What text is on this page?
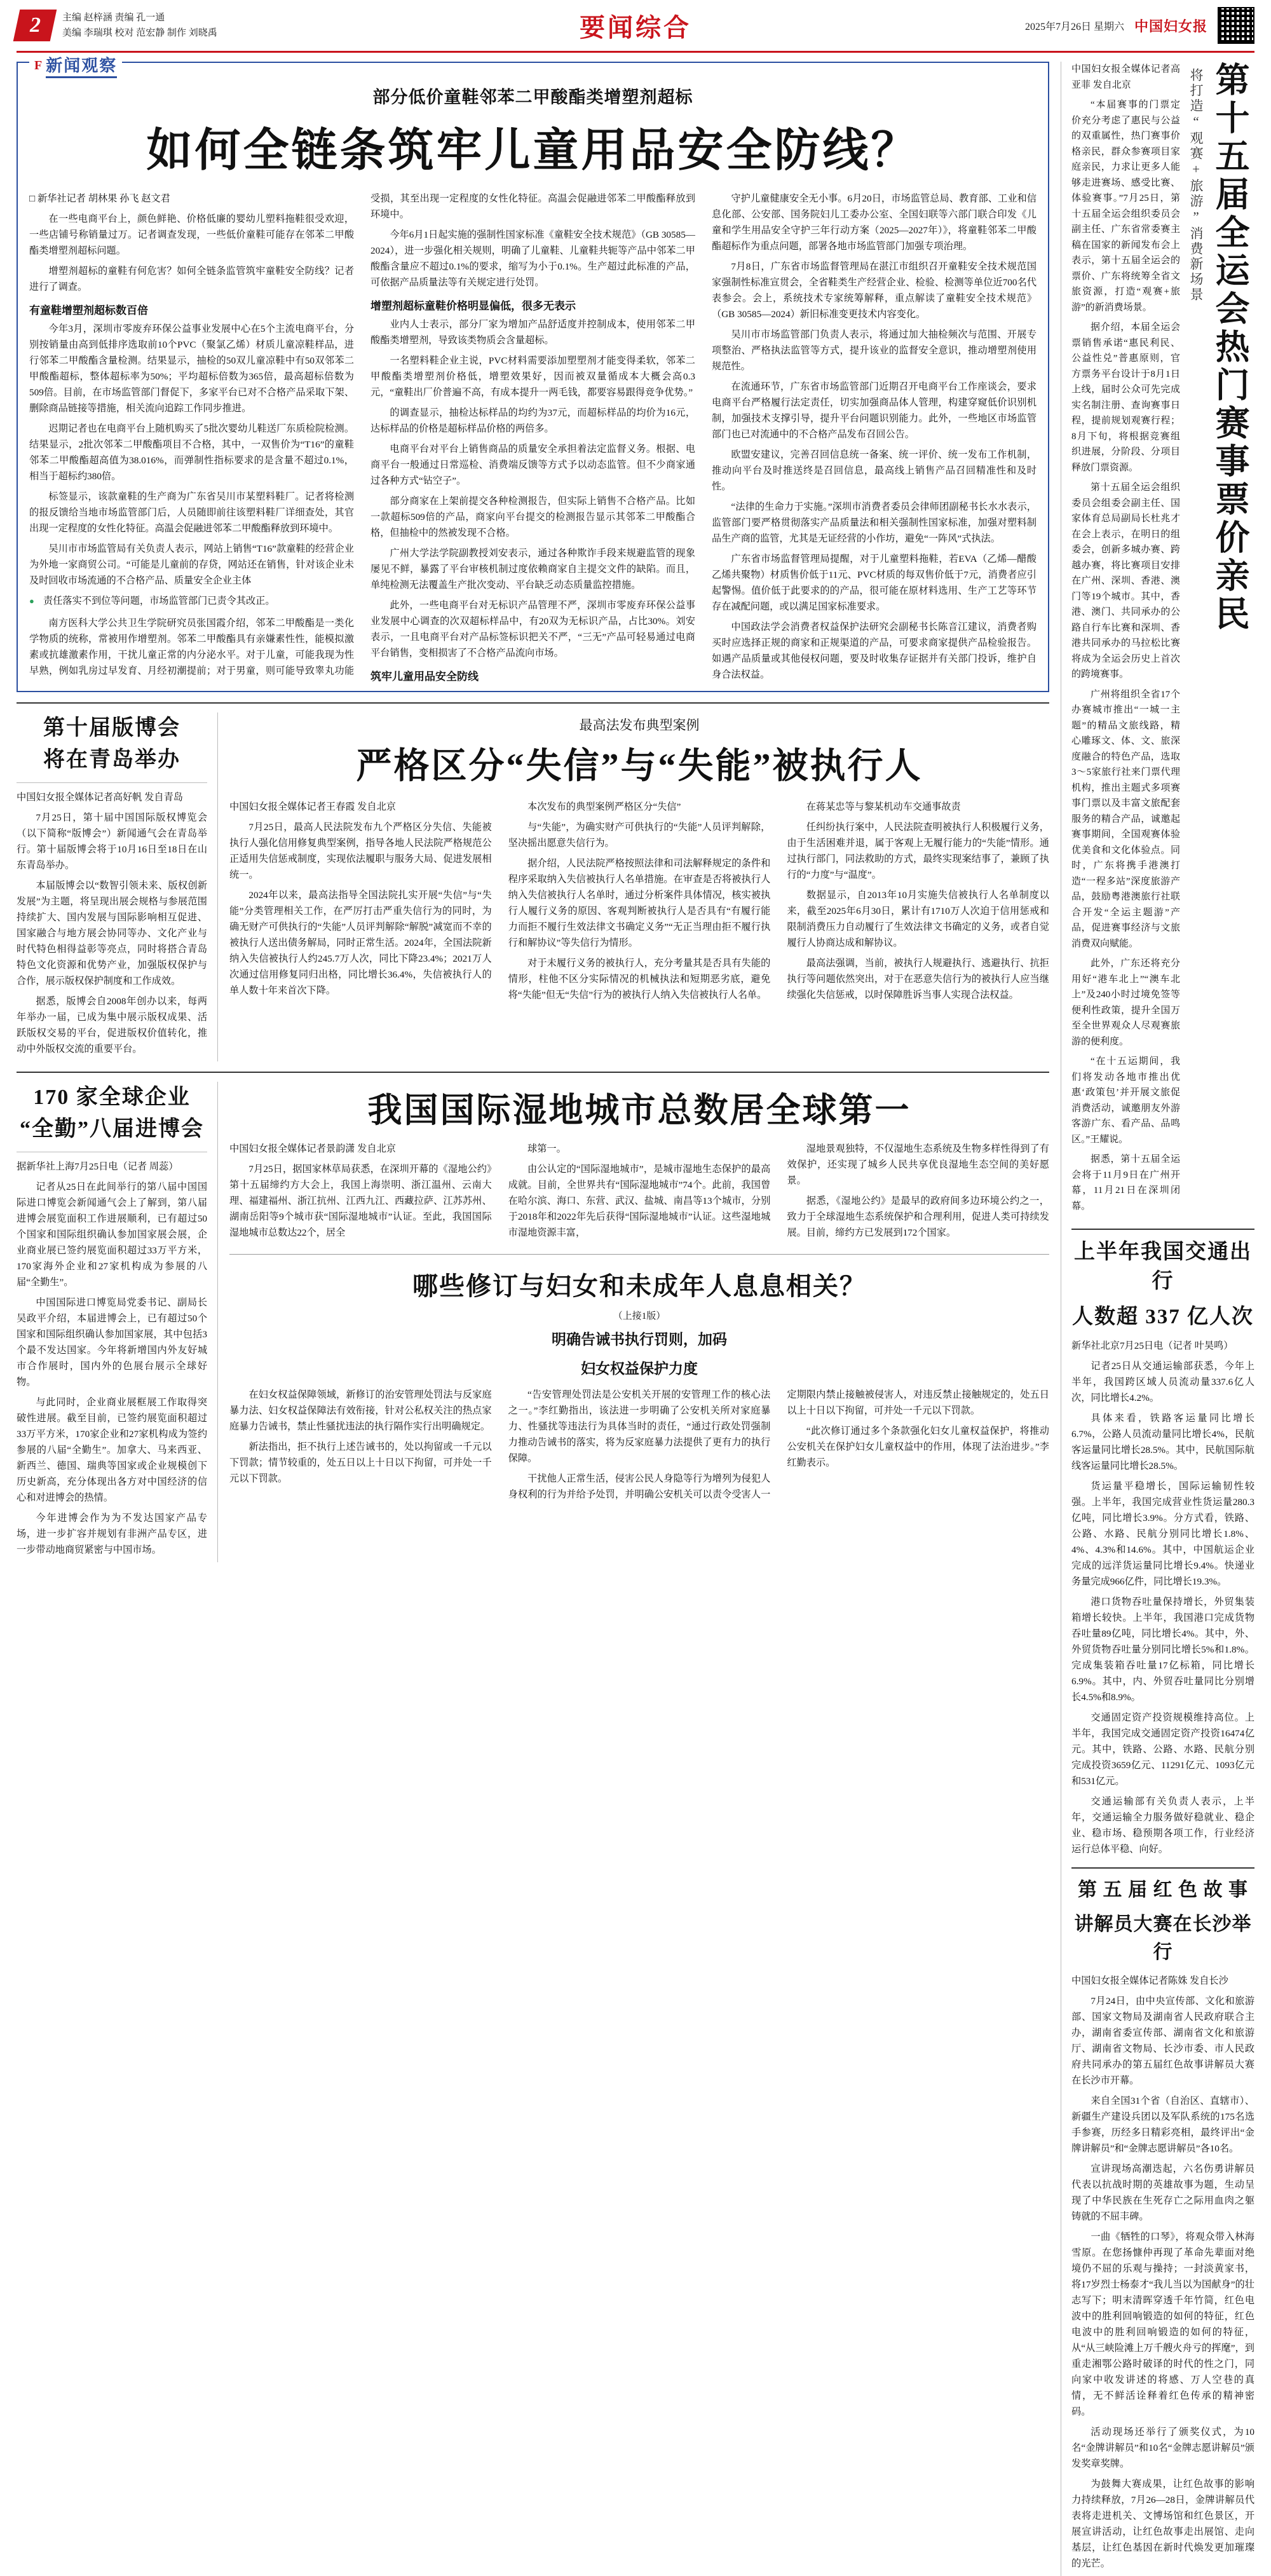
2 主编 赵梓涵 责编 孔一通
美编 李瑞琪 校对 范宏静 制作 刘晓禹	要闻综合	2025年7月26日 星期六 中国妇女报
F 新闻观察
部分低价童鞋邻苯二甲酸酯类增塑剂超标
如何全链条筑牢儿童用品安全防线？

□ 新华社记者 胡林果 孙飞 赵文君

在一些电商平台上，颜色鲜艳、价格低廉的婴幼儿塑料拖鞋很受欢迎，一些店铺号称销量过万。记者调查发现，一些低价童鞋可能存在邻苯二甲酸酯类增塑剂超标问题。

增塑剂超标的童鞋有何危害？如何全链条监管筑牢童鞋安全防线？记者进行了调查。

有童鞋增塑剂超标数百倍

今年3月，深圳市零废弃环保公益事业发展中心在5个主流电商平台，分别按销量由高到低排序选取前10个PVC（聚氯乙烯）材质儿童凉鞋样品，进行邻苯二甲酸酯含量检测。结果显示，抽检的50双儿童凉鞋中有50双邻苯二甲酸酯超标，整体超标率为50%；平均超标倍数为365倍，最高超标倍数为509倍。目前，在市场监管部门督促下，多家平台已对不合格产品采取下架、删除商品链接等措施，相关流向追踪工作同步推进。

迟期记者也在电商平台上随机购买了5批次婴幼儿鞋送厂东质检院检测。结果显示，2批次邻苯二甲酸酯项目不合格，其中，一双售价为“T16”的童鞋邻苯二甲酸酯超高值为38.016%，而弹制性指标要求的是含量不超过0.1%，相当于超标约380倍。

标签显示，该款童鞋的生产商为广东省吴川市某塑料鞋厂。记者将检测的报反馈给当地市场监管部门后，人员随即前往该塑料鞋厂详细查处，其官出现一定程度的女性化特征。高温会促融进邻苯二甲酸酯释放到环境中。

吴川市市场监管局有关负责人表示，网站上销售“T16”款童鞋的经营企业为外地一家商贸公司。“可能是儿童前的存贷，网站还在销售，针对该企业未及时回收市场流通的不合格产品、质量安全企业主体

● 责任落实不到位等问题，市场监管部门已责令其改正。

南方医科大学公共卫生学院研究员张国霞介绍，邻苯二甲酸酯是一类化学物质的统称，常被用作增塑剂。邻苯二甲酸酯具有亲嫌素性性，能模拟激素或抗雄激素作用，干扰儿童正常的内分泌水平。对于儿童，可能我现为性早熟，例如乳房过早发育、月经初潮提前；对于男童，则可能导致睾丸功能受损，其至出现一定程度的女性化特征。高温会促融进邻苯二甲酸酯释放到环境中。

今年6月1日起实施的强制性国家标准《童鞋安全技术规范》（GB 30585—2024），进一步强化相关规则，明确了儿童鞋、儿童鞋共轭等产品中邻苯二甲酸酯含量应不超过0.1%的要求，缩写为小于0.1%。生产超过此标准的产品，可依据产品质量法等有关规定进行处罚。

增塑剂超标童鞋价格明显偏低，很多无表示

业内人士表示，部分厂家为增加产品舒适度并控制成本，使用邻苯二甲酸酯类增塑剂，导致该类物质会含量超标。

一名塑料鞋企业主说，PVC材料需要添加塑塑剂才能变得柔软，邻苯二甲酸酯类增塑剂价格低，增塑效果好，因而被双量循成本大概会高0.3元，“童鞋出厂价普遍不高，有成本提升一两毛钱，都要容易跟得竞争优势。”

的调查显示，抽检达标样品的均约为37元，而超标样品的均价为16元，达标样品的价格是超标样品价格的两倍多。

电商平台对平台上销售商品的质量安全承担着法定监督义务。根据、电商平台一般通过日常巡检、消费端反馈等方式予以动态监管。但不少商家通过各种方式“钻空子”。

部分商家在上架前提交各种检测报告，但实际上销售不合格产品。比如一款超标509倍的产品，商家向平台提交的检测报告显示其邻苯二甲酸酯合格，但抽检中的然被发现不合格。

广州大学法学院副教授刘安表示，通过各种欺诈手段来规避监管的现象屡见不鲜，暴露了平台审核机制过度依赖商家自主提交文件的缺陷。而且，单纯检测无法覆盖生产批次变动、平台缺乏动态质量监控措施。

此外，一些电商平台对无标识产品管理不严，深圳市零废弃环保公益事业发展中心调查的次双超标样品中，有20双为无标识产品，占比30%。刘安表示，一且电商平台对产品标签标识把关不严，“三无”产品可轻易通过电商平台销售，变相损害了不合格产品流向市场。

筑牢儿童用品安全防线

守护儿童健康安全无小事。6月20日，市场监管总局、教育部、工业和信息化部、公安部、国务院妇儿工委办公室、全国妇联等六部门联合印发《儿童和学生用品安全守护三年行动方案（2025—2027年）》，将童鞋邻苯二甲酸酯超标作为重点问题，部署各地市场监管部门加强专项治理。

7月8日，广东省市场监督管理局在湛江市组织召开童鞋安全技术规范国家强制性标准宣贯会，全省鞋类生产经营企业、检验、检测等单位近700名代表参会。会上，系统技术专家统筹解释，重点解读了童鞋安全技术规范》（GB 30585—2024）新旧标准变更技术内容变化。

吴川市市场监管部门负责人表示，将通过加大抽检频次与范围、开展专项整治、严格执法监管等方式，提升该业的监督安全意识，推动增塑剂使用规范性。

在流通环节，广东省市场监管部门近期召开电商平台工作座谈会，要求电商平台严格履行法定责任，切实加强商品体人管理，构建穿窥低价识别机制，加强技术支撑引导，提升平台问题识别能力。此外，一些地区市场监管部门也已对流通中的不合格产品发布召回公告。

欧盟安建议，完善召回信息统一备案、统一评价、统一发布工作机制，推动向平台及时推送终是召回信息，最高线上销售产品召回精准性和及时性。

“法律的生命力于实施。”深圳市消费者委员会律师团副秘书长水水表示，监管部门要严格贯彻落实产品质量法和相关强制性国家标准，加强对塑料制品生产商的监管，尤其是无证经营的小作坊，避免“一阵风”式执法。

广东省市场监督管理局提醒，对于儿童塑料拖鞋，若EVA（乙烯—醋酸乙烯共聚物）材质售价低于11元、PVC材质的每双售价低于7元，消费者应引起警惕。值价低于此要求的的产品，很可能在原材料选用、生产工艺等环节存在减配问题，或以满足国家标准要求。

中国政法学会消费者权益保护法研究会副秘书长陈音江建议，消费者购买时应选择正规的商家和正规渠道的产品，可要求商家提供产品检验报告。如遇产品质量或其他侵权问题，要及时收集存证据并有关部门投诉，维护自身合法权益。

第十届版博会
将在青岛举办

中国妇女报全媒体记者高好帆 发自青岛

7月25日，第十届中国国际版权博览会（以下简称“版博会”）新闻通气会在青岛举行。第十届版博会将于10月16日至18日在山东青岛举办。

本届版博会以“数智引领未来、版权创新发展”为主题，将呈现出展会规格与参展范围持续扩大、国内发展与国际影响相互促进、国家融合与地方展会协同等办、文化产业与时代特色相得益彰等亮点，同时将搭合青岛特色文化资源和优势产业，加强版权保护与合作，展示版权保护制度和工作成效。

据悉，版博会自2008年创办以来，每两年举办一届，已成为集中展示版权成果、活跃版权交易的平台，促进版权价值转化，推动中外版权交流的重要平台。

最高法发布典型案例
严格区分“失信”与“失能”被执行人

中国妇女报全媒体记者王春霞 发自北京

7月25日，最高人民法院发布九个严格区分失信、失能被执行人强化信用修复典型案例，指导各地人民法院严格规范公正适用失信惩戒制度，实现依法履职与服务大局、促进发展相统一。

2024年以来，最高法指导全国法院扎实开展“失信”与“失能”分类管理相关工作，在严厉打击严重失信行为的同时，为确无财产可供执行的“失能”人员评判解除“解脱”减宽而不幸的被执行人送出债务解局，同时正常生活。2024年，全国法院新纳入失信被执行人约245.7万人次，同比下降23.4%；2021万人次通过信用修复同归出格，同比增长36.4%，失信被执行人的单人数十年来首次下降。

本次发布的典型案例严格区分“失信”

与“失能”，为确实财产可供执行的“失能”人员评判解除，坚决摇出愿意失信行为。

据介绍，人民法院严格按照法律和司法解释规定的条件和程序采取纳入失信被执行人名单措施。在审查是否将被执行人纳入失信被执行人名单时，通过分析案件具体情况，核实被执行人履行义务的原因、客观判断被执行人是否具有“有履行能力而拒不履行生效法律文书确定义务”“无正当理由拒不履行执行和解协议”等失信行为情形。

对于未履行义务的被执行人，充分考量其是否具有失能的情形，柱他不区分实际情况的机械执法和短期恶劣底，避免将“失能”但无“失信”行为的被执行人纳入失信被执行人名单。

在蒋某忠等与黎某机动车交通事故责

任纠纷执行案中，人民法院查明被执行人积极履行义务，由于生活困难并退，属于客观上无履行能力的“失能”情形。通过执行部门，同法救助的方式，最终实现案结事了，兼顾了执行的“力度”与“温度”。

数据显示，自2013年10月实施失信被执行人名单制度以来，截至2025年6月30日，累计有1710万人次迫于信用惩戒和限制消费压力自动履行了生效法律文书确定的义务，或者自觉履行人协商达成和解协议。

最高法强调，当前，被执行人规避执行、逃避执行、抗拒执行等问题依然突出，对于在恶意失信行为的被执行人应当继续强化失信惩戒，以时保障胜诉当事人实现合法权益。

170 家全球企业
“全勤”八届进博会

据新华社上海7月25日电（记者 周蕊）

记者从25日在此间举行的第八届中国国际进口博览会新闻通气会上了解到，第八届进博会展览面积工作进展顺利，已有超过50个国家和国际组织确认参加国家展会展，企业商业展已签约展览面积超过33万平方米，170家海外企业和27家机构成为参展的八届“全勤生”。

中国国际进口博览局党委书记、副局长吴政平介绍，本届进博会上，已有超过50个国家和国际组织确认参加国家展，其中包括3个最不发达国家。今年将新增国内外友好城市合作展时，国内外的色展台展示全球好物。

与此同时，企业商业展框展工作取得突破性进展。截至目前，已签约展览面积超过33万平方米，170家企业和27家机构成为签约参展的八届“全勤生”。加拿大、马来西亚、新西兰、德国、瑞典等国家或企业规模创下历史新高，充分体现出各方对中国经济的信心和对进博会的热情。

今年进博会作为为不发达国家产品专场，进一步扩容并规划有非洲产品专区，进一步带动地商贸紧密与中国市场。

我国国际湿地城市总数居全球第一

中国妇女报全媒体记者景韵潇 发自北京

7月25日，据国家林草局获悉，在深圳开幕的《湿地公约》第十五届缔约方大会上，我国上海崇明、浙江温州、云南大理、福建福州、浙江抗州、江西九江、西藏拉萨、江苏苏州、湖南岳阳等9个城市获“国际湿地城市”认证。至此，我国国际湿地城市总数达22个，居全

球第一。

由公认定的“国际湿地城市”，是城市湿地生态保护的最高成就。目前，全世界共有“国际湿地城市”74个。此前，我国曾在哈尔滨、海口、东营、武汉、盐城、南昌等13个城市，分别于2018年和2022年先后获得“国际湿地城市”认证。这些湿地城市湿地资源丰富，

湿地景观独特，不仅湿地生态系统及生物多样性得到了有效保护，还实现了城乡人民共享优良湿地生态空间的美好愿景。

据悉，《湿地公约》是最早的政府间多边环境公约之一，致力于全球湿地生态系统保护和合理利用，促进人类可持续发展。目前，缔约方已发展到172个国家。

哪些修订与妇女和未成年人息息相关？
（上接1版）
明确告诫书执行罚则，加码
妇女权益保护力度

在妇女权益保障领域，新修订的治安管理处罚法与反家庭暴力法、妇女权益保障法有效衔接，针对公私权关注的热点家庭暴力告诫书，禁止性骚扰违法的执行隔作实行出明确规定。

新法指出，拒不执行上述告诫书的，处以拘留或一千元以下罚款；情节较重的，处五日以上十日以下拘留，可并处一千元以下罚款。

“告安管理处罚法是公安机关开展的安管理工作的核心法之一。”李红勤指出，该法进一步明确了公安机关所对家庭暴力、性骚扰等违法行为具体当时的责任，“通过行政处罚强制力推动告诫书的落实，将为反家庭暴力法提供了更有力的执行保障。

干扰他人正常生活，侵害公民人身隐等行为增列为侵犯人身权利的行为并给予处罚，并明确公安机关可以责令受害人一定期限内禁止接触被侵害人，对违反禁止接触规定的，处五日以上十日以下拘留，可并处一千元以下罚款。

“此次修订通过多个条款强化妇女儿童权益保护，将推动公安机关在保护妇女儿童权益中的作用，体现了法治进步。”李红勤表示。

中国妇女报全媒体记者高亚菲 发自北京

“本届赛事的门票定价充分考虑了惠民与公益的双重属性，热门赛事价格亲民，群众参赛项目家庭亲民，力求让更多人能够走进赛场、感受比赛、体验赛事。”7月25日，第十五届全运会组织委员会副主任、广东省常委赛主稿在国家的新闻发布会上表示，第十五届全运会的票价、广东将统筹全省文旅资源，打造“观赛+旅游”的新消费场景。

据介绍，本届全运会票销售承诺“惠民利民、公益性兑”普惠原则，官方票务平台设计于8月1日上线，届时公众可先完成实名制注册、查询赛事日程，提前规划观赛行程；8月下旬，将根据竞赛组织进展，分阶段、分项目释放门票资源。

第十五届全运会组织委员会组委会副主任、国家体育总局副局长杜兆才在会上表示，在明日的组委会，创新多城办赛、跨越办赛，将比赛项目安排在广州、深圳、香港、澳门等19个城市。其中，香港、澳门、共同承办的公路自行车比赛和深圳、香港共同承办的马拉松比赛将成为全运会历史上首次的跨境赛事。

广州将组织全省17个办赛城市推出“一城一主题”的精品文旅线路，精心雕琢文、体、文、旅深度融合的特色产品，选取3～5家旅行社来门票代理机构，推出主题式多项赛事门票以及丰富文旅配套服务的精合产品，诚邀起赛事期间，全国观赛体验优美食和文化体验点。同时，广东将携手港澳打造“一程多站”深度旅游产品，鼓励粤港澳旅行社联合开发“全运主题游”产品，促进赛事经济与文旅消费双向赋能。

此外，广东还将充分用好“港车北上”“澳车北上”及240小时过境免签等便利性政策，提升全国万至全世界观众人尽观赛旅游的便利度。

“在十五运期间，我们将发动各地市推出优惠‘政策包’并开展文旅促消费活动，诚邀朋友外游客游广东、看产品、品鸣区。”王耀说。

据悉，第十五届全运会将于11月9日在广州开幕，11月21日在深圳闭幕。

将打造“观赛+旅游”消费新场景 第十五届全运会热门赛事票价亲民
上半年我国交通出行
人数超 337 亿人次

新华社北京7月25日电（记者 叶昊鸣）

记者25日从交通运输部获悉，今年上半年，我国跨区域人员流动量337.6亿人次，同比增长4.2%。

具体来看，铁路客运量同比增长6.7%，公路人员流动量同比增长4%，民航客运量同比增长28.5%。其中，民航国际航线客运量同比增长28.5%。

货运量平稳增长，国际运输韧性较强。上半年，我国完成营业性货运量280.3亿吨，同比增长3.9%。分方式看，铁路、公路、水路、民航分别同比增长1.8%、4%、4.3%和14.6%。其中，中国航运企业完成的远洋货运量同比增长9.4%。快递业务量完成966亿件，同比增长19.3%。

港口货物吞吐量保持增长，外贸集装箱增长较快。上半年，我国港口完成货物吞吐量89亿吨，同比增长4%。其中，外、外贸货物吞吐量分别同比增长5%和1.8%。完成集装箱吞吐量17亿标箱，同比增长6.9%。其中，内、外贸吞吐量同比分别增长4.5%和8.9%。

交通固定资产投资规模维持高位。上半年，我国完成交通固定资产投资16474亿元。其中，铁路、公路、水路、民航分别完成投资3659亿元、11291亿元、1093亿元和531亿元。

交通运输部有关负责人表示，上半年，交通运输全力服务做好稳就业、稳企业、稳市场、稳预期各项工作，行业经济运行总体平稳、向好。

第 五 届 红 色 故 事
讲解员大赛在长沙举行

中国妇女报全媒体记者陈姝 发自长沙

7月24日，由中央宣传部、文化和旅游部、国家文物局及湖南省人民政府联合主办，湖南省委宣传部、湖南省文化和旅游厅、湖南省文物局、长沙市委、市人民政府共同承办的第五届红色故事讲解员大赛在长沙市开幕。

来自全国31个省（自治区、直辖市）、新疆生产建设兵团以及军队系统的175名选手参赛，历经多日精彩亮相，最终评出“金牌讲解员”和“金牌志愿讲解员”各10名。

宣讲现场高潮迭起，六名伤勇讲解员代表以抗战时期的英雄故事为题，生动呈现了中华民族在生死存亡之际用血肉之躯铸就的不屈丰碑。

一曲《牺牲的口琴》，将观众带入林海雪原。在您扬慷仲再现了革命先辈面对绝境仍不屈的乐观与操持；一封淡黄家书，将17岁烈士杨泰才“我儿当以为国献身”的壮志写下；明末清晖穿透千年竹简，红色电波中的胜利回响锻造的如何的特征，红色电波中的胜利回响锻造的如何的特征，从“从三峡险滩上万千艘火舟亏的挥麾”，到重走湘鄂公路时破译的时代的性之门，同向家中收发讲述的将感、万人空巷的真情，无不鲜活诠释着红色传承的精神密码。

活动现场还举行了颁奖仪式，为10名“金牌讲解员”和10名“金牌志愿讲解员”颁发奖章奖牌。

为鼓舞大赛成果，让红色故事的影响力持续释放，7月26—28日，金牌讲解员代表将走进机关、文博场馆和红色景区，开展宣讲活动，让红色故事走出展馆、走向基层，让红色基因在新时代焕发更加璀璨的光芒。
